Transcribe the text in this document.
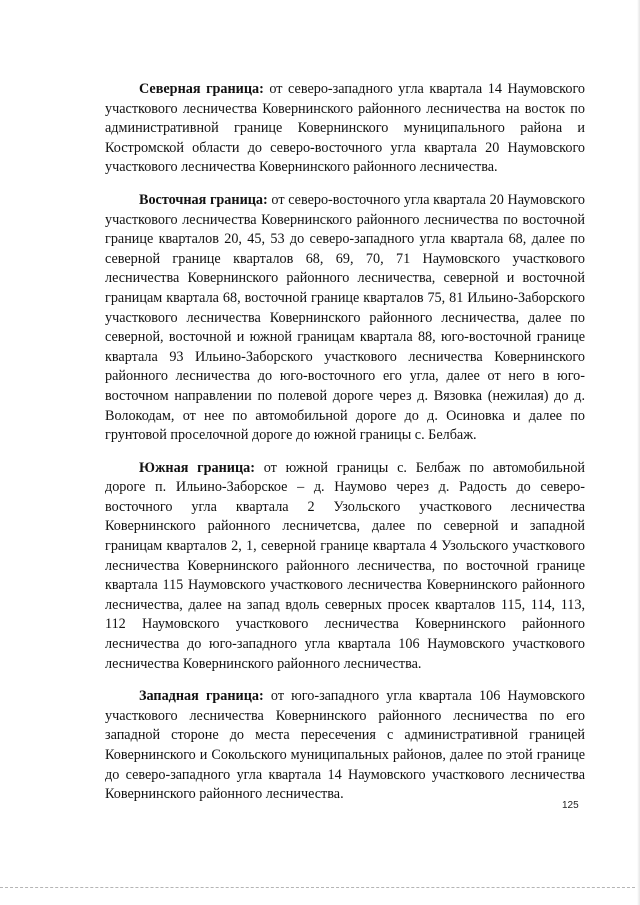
Северная граница: от северо-западного угла квартала 14 Наумовского участкового лесничества Ковернинского районного лесничества на восток по административной границе Ковернинского муниципального района и Костромской области до северо-восточного угла квартала 20 Наумовского участкового лесничества Ковернинского районного лесничества.

Восточная граница: от северо-восточного угла квартала 20 Наумовского участкового лесничества Ковернинского районного лесничества по восточной границе кварталов 20, 45, 53 до северо-западного угла квартала 68, далее по северной границе кварталов 68, 69, 70, 71 Наумовского участкового лесничества Ковернинского районного лесничества, северной и восточной границам квартала 68, восточной границе кварталов 75, 81 Ильино-Заборского участкового лесничества Ковернинского районного лесничества, далее по северной, восточной и южной границам квартала 88, юго-восточной границе квартала 93 Ильино-Заборского участкового лесничества Ковернинского районного лесничества до юго-восточного его угла, далее от него в юго-восточном направлении по полевой дороге через д. Вязовка (нежилая) до д. Волокодам, от нее по автомобильной дороге до д. Осиновка и далее по грунтовой проселочной дороге до южной границы с. Белбаж.

Южная граница: от южной границы с. Белбаж по автомобильной дороге п. Ильино-Заборское – д. Наумово через д. Радость до северо-восточного угла квартала 2 Узольского участкового лесничества Ковернинского районного лесничетсва, далее по северной и западной границам кварталов 2, 1, северной границе квартала 4 Узольского участкового лесничества Ковернинского районного лесничества, по восточной границе квартала 115 Наумовского участкового лесничества Ковернинского районного лесничества, далее на запад вдоль северных просек кварталов 115, 114, 113, 112 Наумовского участкового лесничества Ковернинского районного лесничества до юго-западного угла квартала 106 Наумовского участкового лесничества Ковернинского районного лесничества.

Западная граница: от юго-западного угла квартала 106 Наумовского участкового лесничества Ковернинского районного лесничества по его западной стороне до места пересечения с административной границей Ковернинского и Сокольского муниципальных районов, далее по этой границе до северо-западного угла квартала 14 Наумовского участкового лесничества Ковернинского районного лесничества.

125
